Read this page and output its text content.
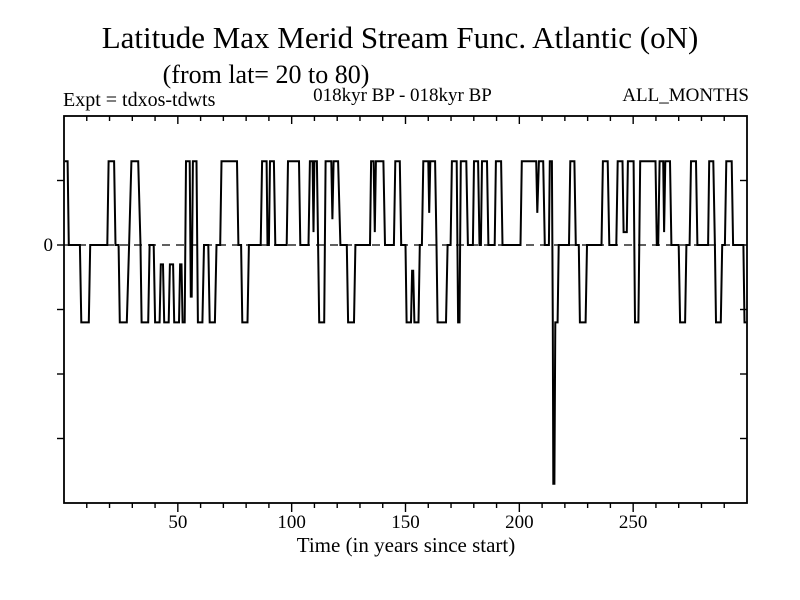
Latitude Max Merid Stream Func. Atlantic (oN)
(from lat= 20 to 80)
Expt = tdxos-tdwts	018kyr BP - 018kyr BP	ALL_MONTHS
Time (in years since start)
50	100	150	200	250
0
